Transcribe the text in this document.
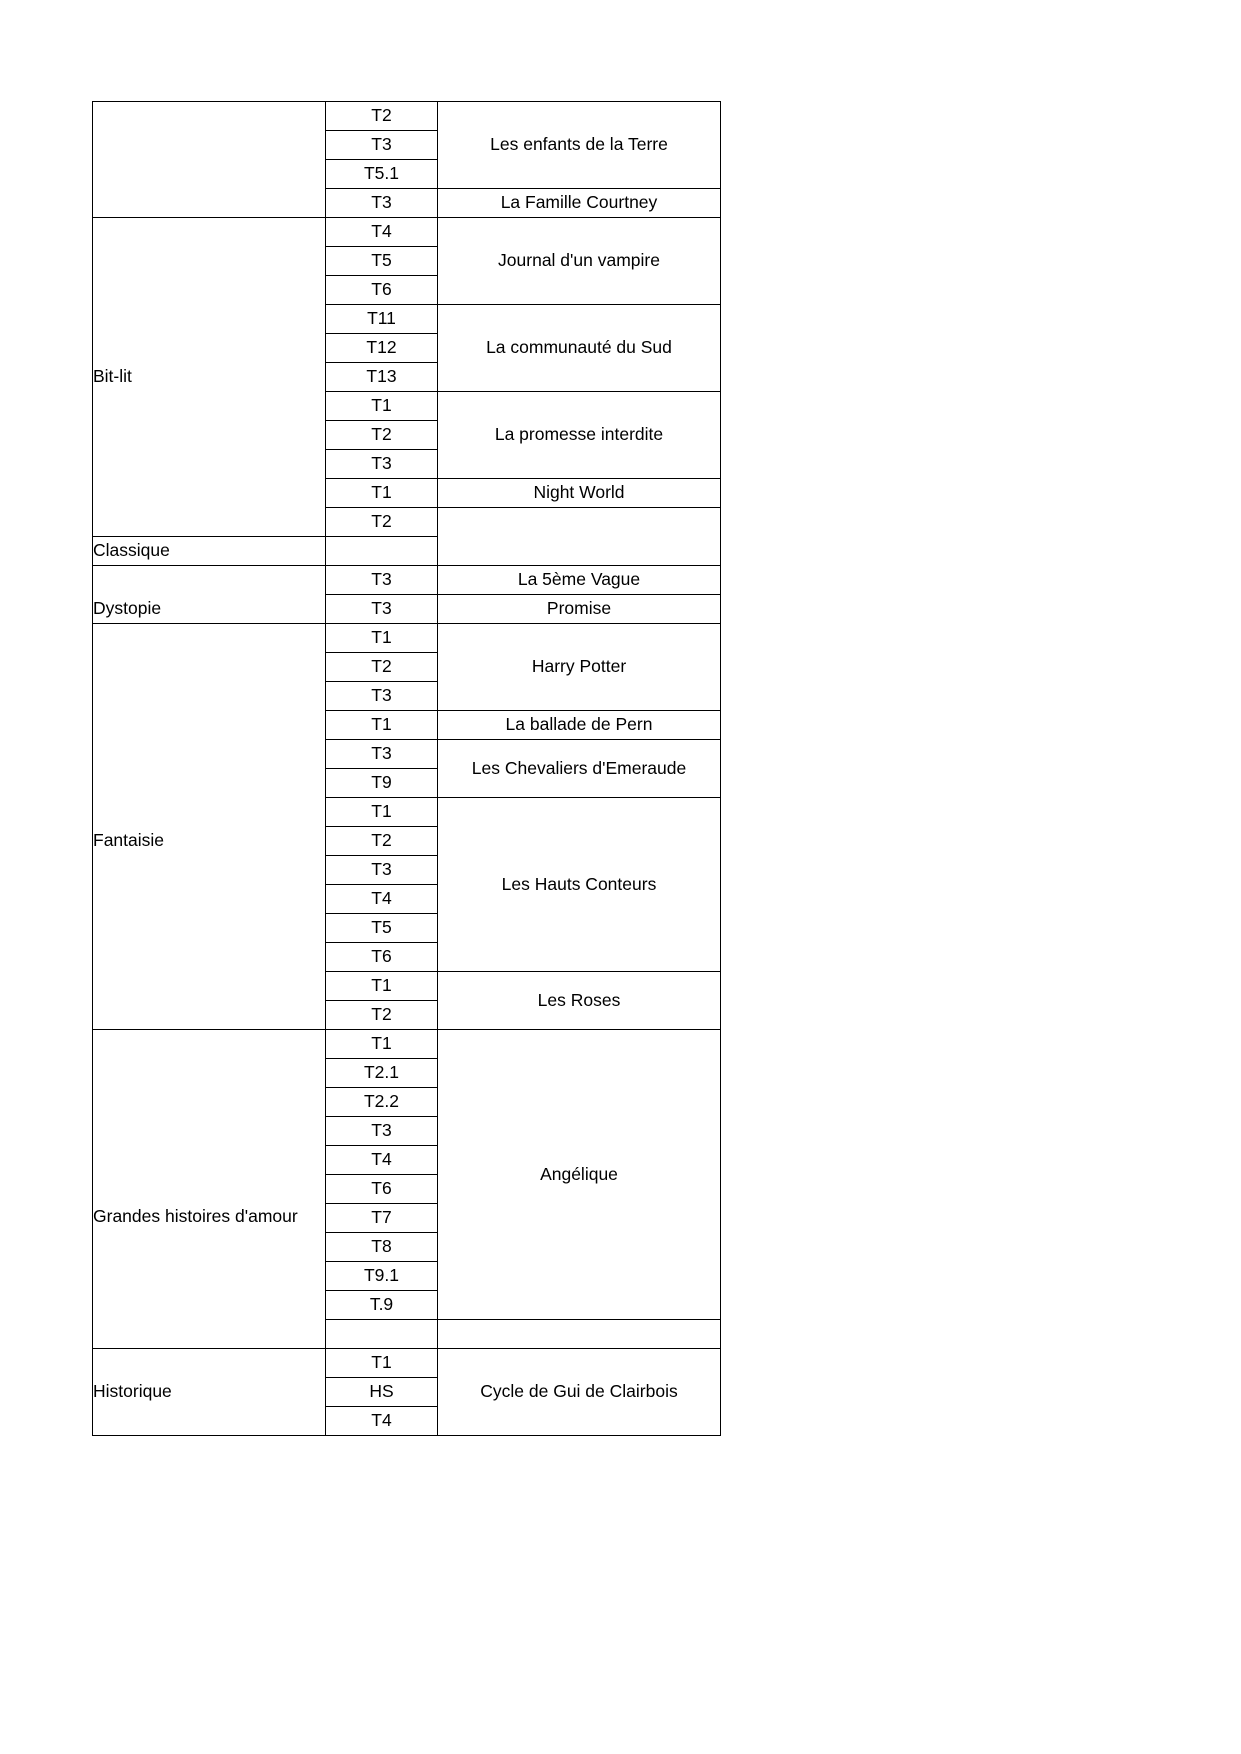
	T2	Les enfants de la Terre
	T3	
	T5.1	
	T3	La Famille Courtney
Bit-lit	T4	Journal d'un vampire
	T5	
	T6	
	T11	La communauté du Sud
	T12	
	T13	
	T1	La promesse interdite
	T2	
	T3	
	T1	Night World
	T2	
Classique		
Dystopie	T3	La 5ème Vague
	T3	Promise
Fantaisie	T1	Harry Potter
	T2	
	T3	
	T1	La ballade de Pern
	T3	Les Chevaliers d'Emeraude
	T9	
	T1	Les Hauts Conteurs
	T2	
	T3	
	T4	
	T5	
	T6	
	T1	Les Roses
	T2	
Grandes histoires d'amour	T1	Angélique
	T2.1	
	T2.2	
	T3	
	T4	
	T6	
	T7	
	T8	
	T9.1	
	T.9	

Historique	T1	Cycle de Gui de Clairbois
	HS	
	T4	
